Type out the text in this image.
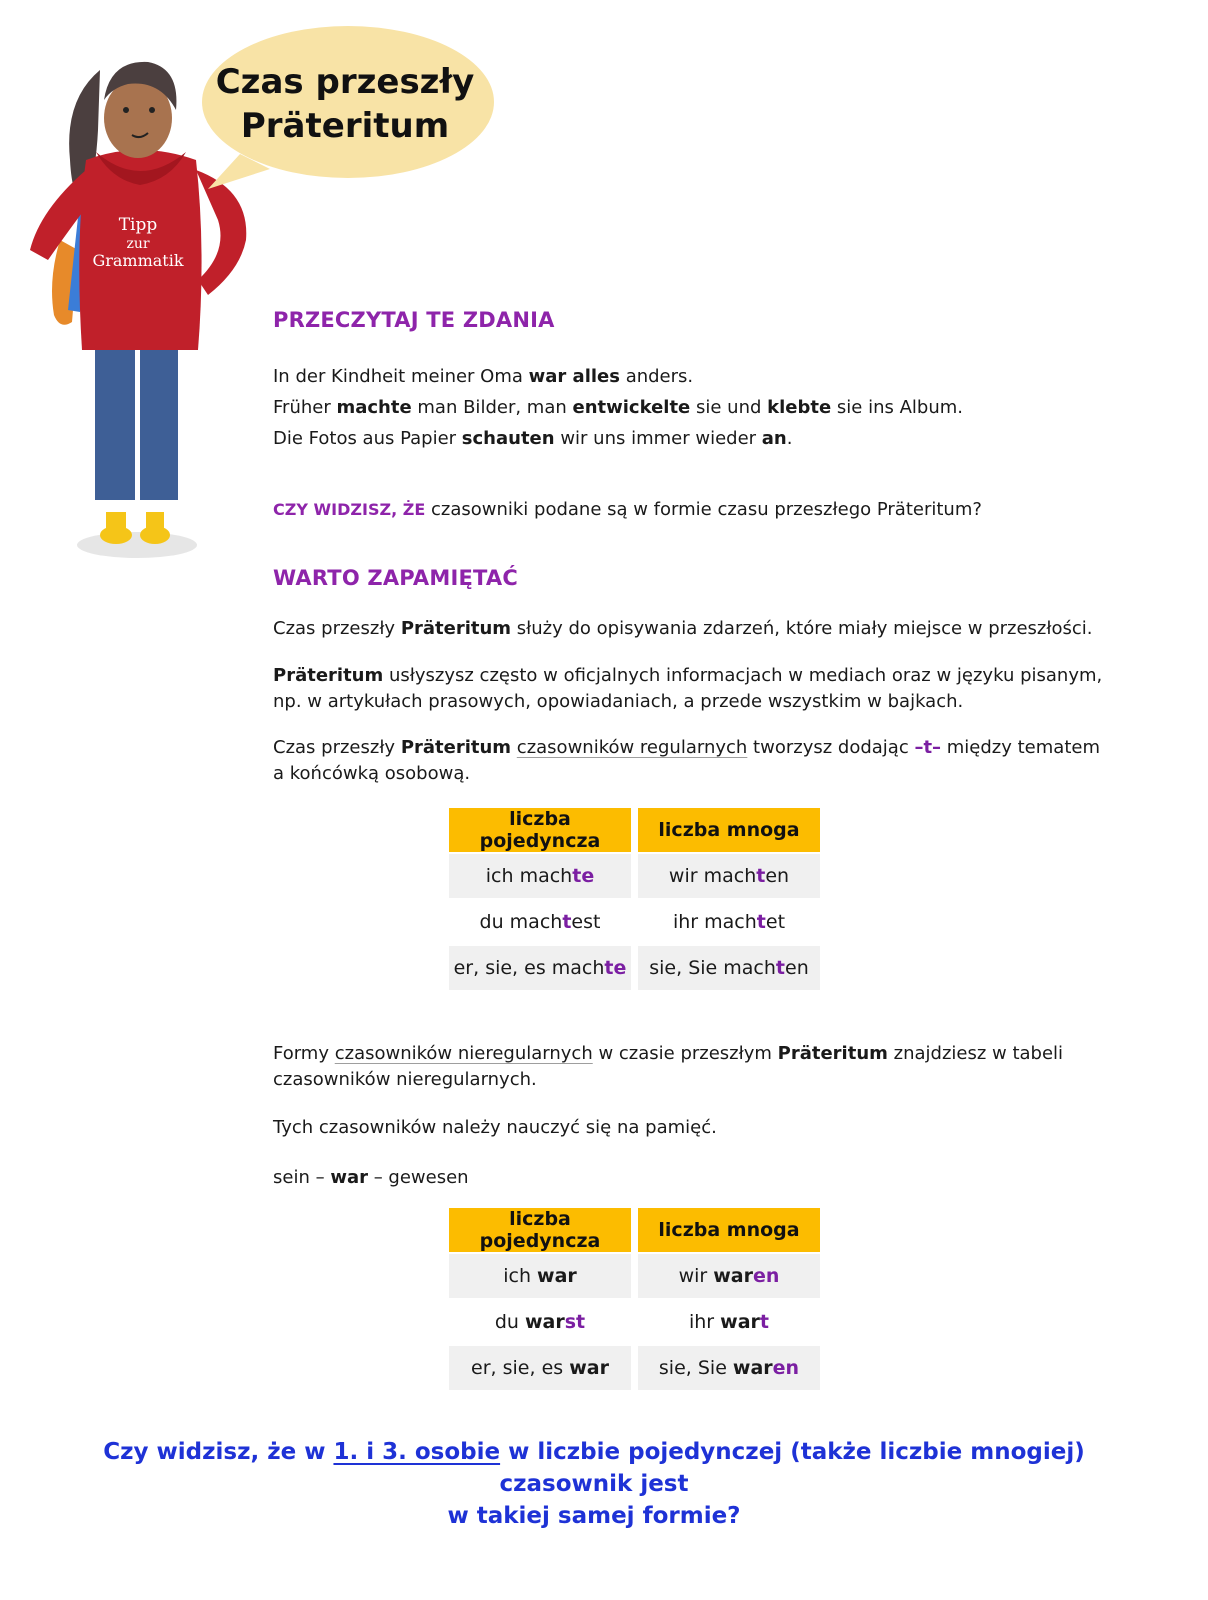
Tipp
zur
Grammatik
Czas przeszły
Präteritum
PRZECZYTAJ TE ZDANIA
In der Kindheit meiner Oma war alles anders.
Früher machte man Bilder, man entwickelte sie und klebte sie ins Album.
Die Fotos aus Papier schauten wir uns immer wieder an.
CZY WIDZISZ, ŻE czasowniki podane są w formie czasu przeszłego Präteritum?
WARTO ZAPAMIĘTAĆ
Czas przeszły Präteritum służy do opisywania zdarzeń, które miały miejsce w przeszłości.
Präteritum usłyszysz często w oficjalnych informacjach w mediach oraz w języku pisanym,
np. w artykułach prasowych, opowiadaniach, a przede wszystkim w bajkach.
Czas przeszły Präteritum czasowników regularnych tworzysz dodając –t– między tematem
a końcówką osobową.
liczba pojedyncza	liczba mnoga
ich machte	wir machten
du machtest	ihr machtet
er, sie, es machte	sie, Sie machten
Formy czasowników nieregularnych w czasie przeszłym Präteritum znajdziesz w tabeli
czasowników nieregularnych.
Tych czasowników należy nauczyć się na pamięć.
sein – war – gewesen
liczba pojedyncza	liczba mnoga
ich war	wir waren
du warst	ihr wart
er, sie, es war	sie, Sie waren
Czy widzisz, że w 1. i 3. osobie w liczbie pojedynczej (także liczbie mnogiej) czasownik jest
w takiej samej formie?
